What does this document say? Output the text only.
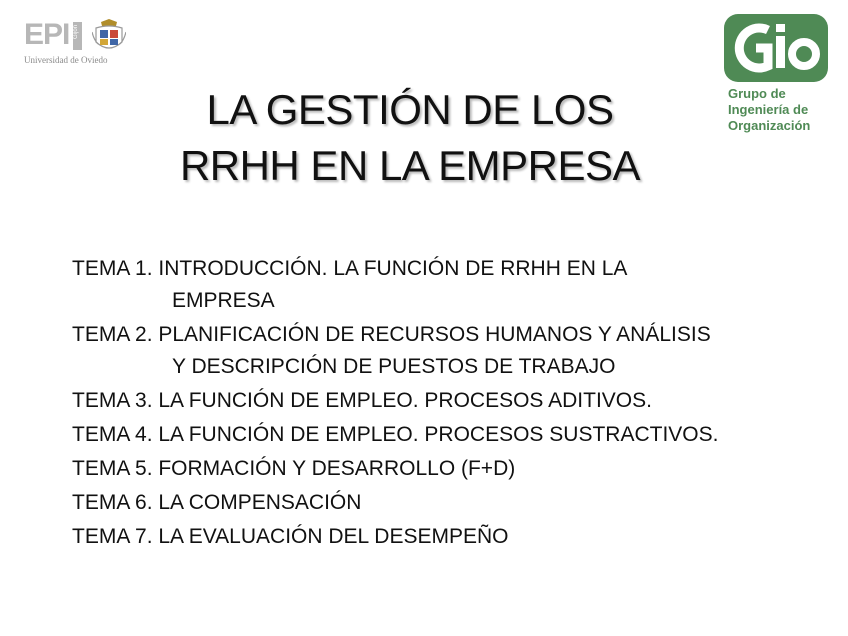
EPI Gijón
Universidad de Oviedo
Grupo de
Ingeniería de
Organización
LA GESTIÓN DE LOS
RRHH EN LA EMPRESA

TEMA 1. INTRODUCCIÓN. LA FUNCIÓN DE RRHH EN LA
EMPRESA

TEMA 2. PLANIFICACIÓN DE RECURSOS HUMANOS Y ANÁLISIS
Y DESCRIPCIÓN DE PUESTOS DE TRABAJO

TEMA 3. LA FUNCIÓN DE EMPLEO. PROCESOS ADITIVOS.

TEMA 4. LA FUNCIÓN DE EMPLEO. PROCESOS SUSTRACTIVOS.

TEMA 5. FORMACIÓN Y DESARROLLO (F+D)

TEMA 6. LA COMPENSACIÓN

TEMA 7. LA EVALUACIÓN DEL DESEMPEÑO
